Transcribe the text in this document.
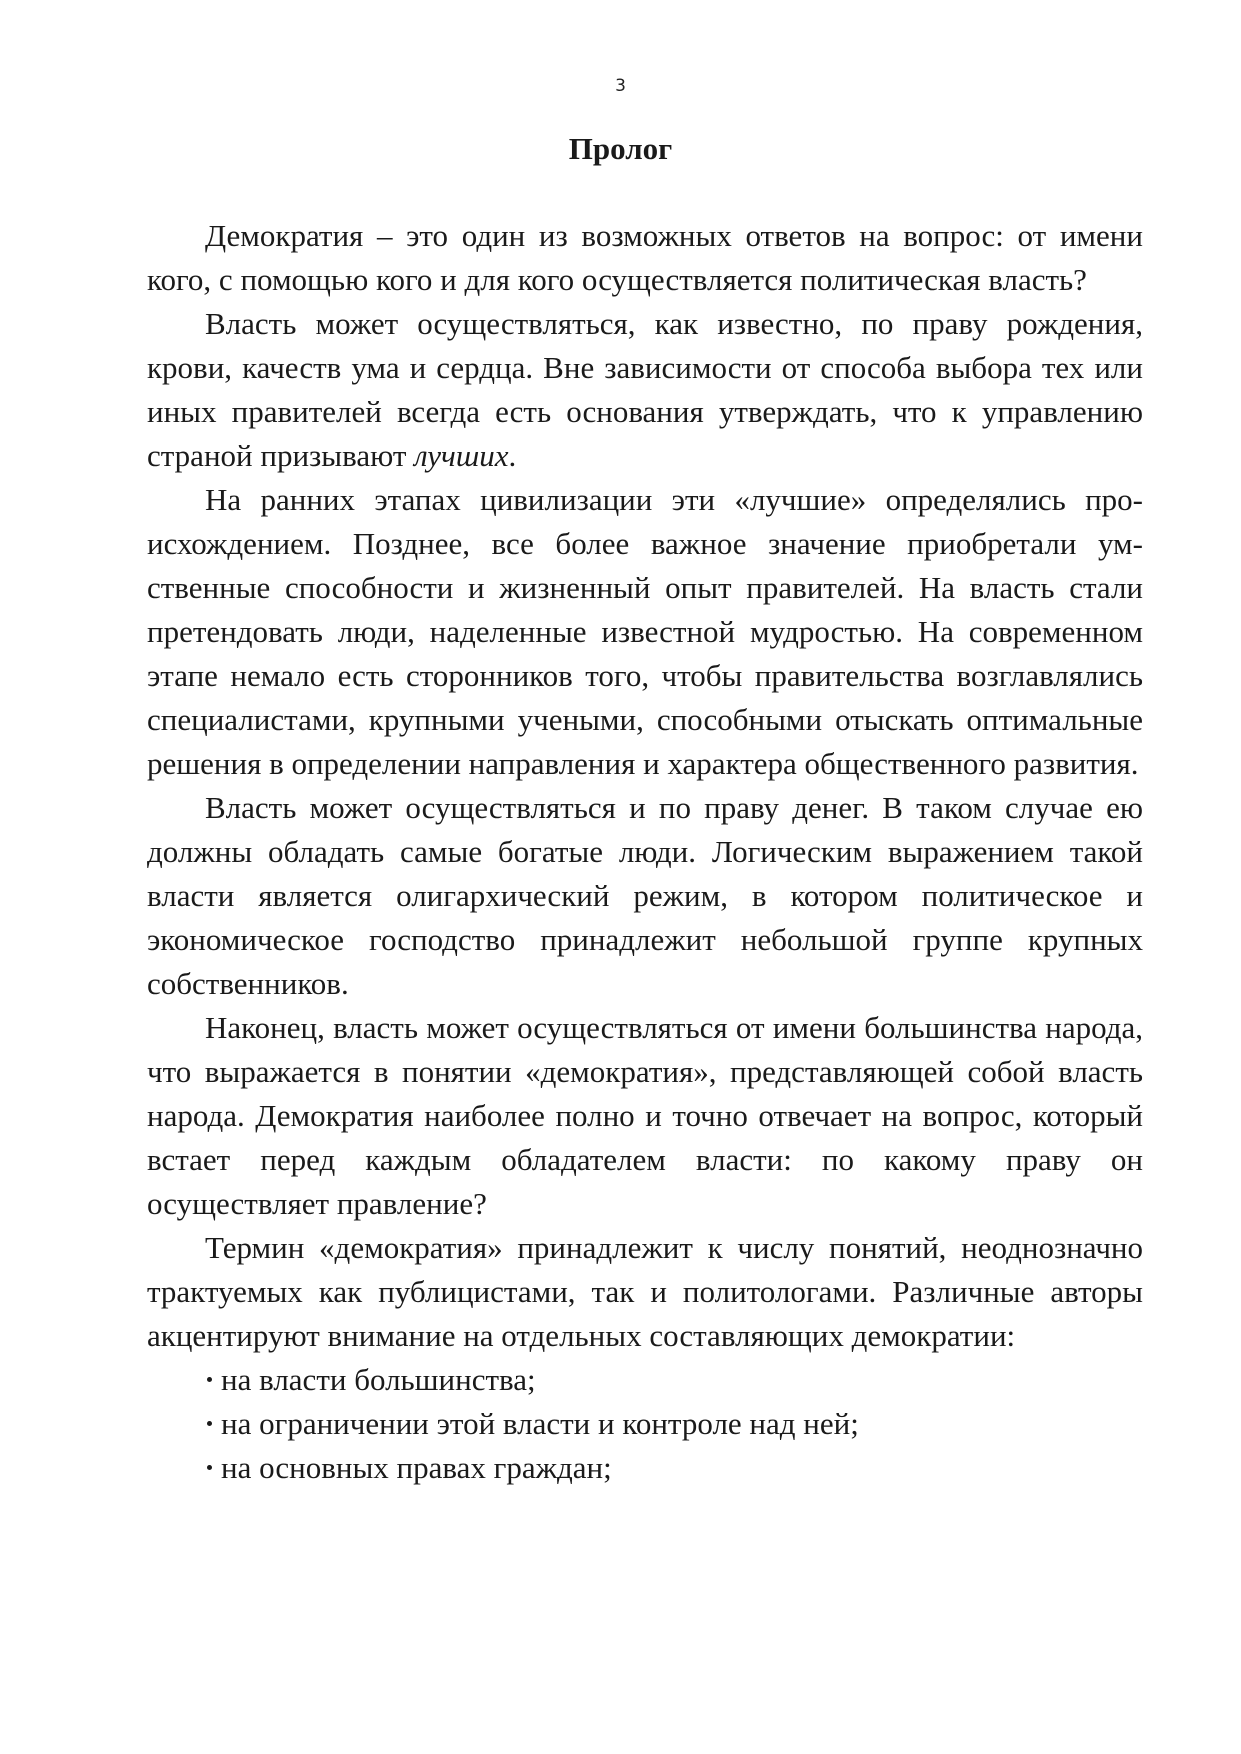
3
Пролог

Демократия – это один из возможных ответов на вопрос: от имени кого, с помощью кого и для кого осуществляется политическая власть?

Власть может осуществляться, как известно, по праву рождения, крови, качеств ума и сердца. Вне зависимости от способа выбора тех или иных правителей всегда есть основания утверждать, что к управлению страной призывают лучших.

На ранних этапах цивилизации эти «лучшие» определялись происхождением. Позднее, все более важное значение приобретали умственные способности и жизненный опыт правителей. На власть стали претендовать люди, наделенные известной мудростью. На современном этапе немало есть сторонников того, чтобы правительства возглавлялись специалистами, крупными учеными, способными отыскать оптимальные решения в определении направления и характера общественного развития.

Власть может осуществляться и по праву денег. В таком случае ею должны обладать самые богатые люди. Логическим выражением такой власти является олигархический режим, в котором политическое и экономическое господство принадлежит небольшой группе крупных собственников.

Наконец, власть может осуществляться от имени большинства народа, что выражается в понятии «демократия», представляющей собой власть народа. Демократия наиболее полно и точно отвечает на вопрос, который встает перед каждым обладателем власти: по какому праву он осуществляет правление?

Термин «демократия» принадлежит к числу понятий, неоднозначно трактуемых как публицистами, так и политологами. Различные авторы акцентируют внимание на отдельных составляющих демократии:

на власти большинства;
на ограничении этой власти и контроле над ней;
на основных правах граждан;
